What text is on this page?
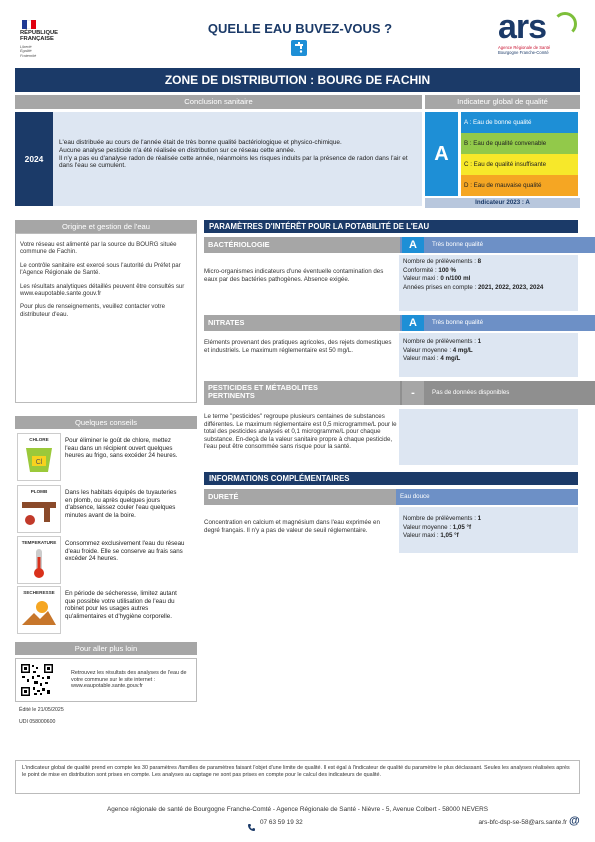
RÉPUBLIQUE
FRANÇAISE
Liberté Égalité Fraternité
QUELLE EAU BUVEZ-VOUS ?	ars
Agence Régionale de Santé
Bourgogne Franche-Comté
ZONE DE DISTRIBUTION : BOURG DE FACHIN
Conclusion sanitaire
2024
L'eau distribuée au cours de l'année était de très bonne qualité bactériologique et physico-chimique.
Aucune analyse pesticide n'a été réalisée en distribution sur ce réseau cette année.
Il n'y a pas eu d'analyse radon de réalisée cette année, néanmoins les risques induits par la présence de radon dans l'air et dans l'eau se cumulent.
Indicateur global de qualité
A
A : Eau de bonne qualité
B : Eau de qualité convenable
C : Eau de qualité insuffisante
D : Eau de mauvaise qualité
Indicateur 2023 : A
Origine et gestion de l'eau
Votre réseau est alimenté par la source du BOURG située commune de Fachin.
Le contrôle sanitaire est exercé sous l'autorité du Préfet par l'Agence Régionale de Santé.
Les résultats analytiques détaillés peuvent être consultés sur www.eaupotable.sante.gouv.fr
Pour plus de renseignements, veuillez contacter votre distributeur d'eau.
Quelques conseils
CHLORE
Cl
Pour éliminer le goût de chlore, mettez l'eau dans un récipient ouvert quelques heures au frigo, sans excéder 24 heures.
PLOMB	Dans les habitats équipés de tuyauteries en plomb, ou après quelques jours d'absence, laissez couler l'eau quelques minutes avant de la boire.
TEMPERATURE	Consommez exclusivement l'eau du réseau d'eau froide. Elle se conserve au frais sans excéder 24 heures.
SECHERESSE	En période de sécheresse, limitez autant que possible votre utilisation de l'eau du robinet pour les usages autres qu'alimentaires et d'hygiène corporelle.
Pour aller plus loin
Retrouvez les résultats des analyses de l'eau de votre commune sur le site internet : www.eaupotable.sante.gouv.fr
Édité le 21/05/2025
UDI 058000600
PARAMÈTRES D'INTÉRÊT POUR LA POTABILITÉ DE L'EAU
BACTÉRIOLOGIE	A	Très bonne qualité
Micro-organismes indicateurs d'une éventuelle contamination des eaux par des bactéries pathogènes. Absence exigée.
Nombre de prélèvements : 8
Conformité : 100 %
Valeur maxi : 0 n/100 ml
Années prises en compte : 2021, 2022, 2023, 2024
NITRATES	A	Très bonne qualité
Eléments provenant des pratiques agricoles, des rejets domestiques et industriels. Le maximum réglementaire est 50 mg/L.
Nombre de prélèvements : 1
Valeur moyenne : 4 mg/L
Valeur maxi : 4 mg/L
PESTICIDES ET MÉTABOLITES
PERTINENTS	-	Pas de données disponibles
Le terme "pesticides" regroupe plusieurs centaines de substances différentes. Le maximum réglementaire est 0,5 microgramme/L pour le total des pesticides analysés et 0,1 microgramme/L pour chaque substance. En-deçà de la valeur sanitaire propre à chaque pesticide, l'eau peut être consommée sans risque pour la santé.
INFORMATIONS COMPLÉMENTAIRES
DURETÉ	Eau douce
Concentration en calcium et magnésium dans l'eau exprimée en degré français. Il n'y a pas de valeur de seuil réglementaire.
Nombre de prélèvements : 1
Valeur moyenne : 1,05 °f
Valeur maxi : 1,05 °f
L'indicateur global de qualité prend en compte les 30 paramètres /familles de paramètres faisant l'objet d'une limite de qualité. Il est égal à l'indicateur de qualité du paramètre le plus déclassant. Seules les analyses réalisées après le point de mise en distribution sont prises en compte. Les analyses au captage ne sont pas prises en compte pour le calcul des indicateurs de qualité.
Agence régionale de santé de Bourgogne Franche-Comté - Agence Régionale de Santé - Nièvre - 5, Avenue Colbert - 58000 NEVERS
07 63 59 19 32	ars-bfc-dsp-se-58@ars.sante.fr @
